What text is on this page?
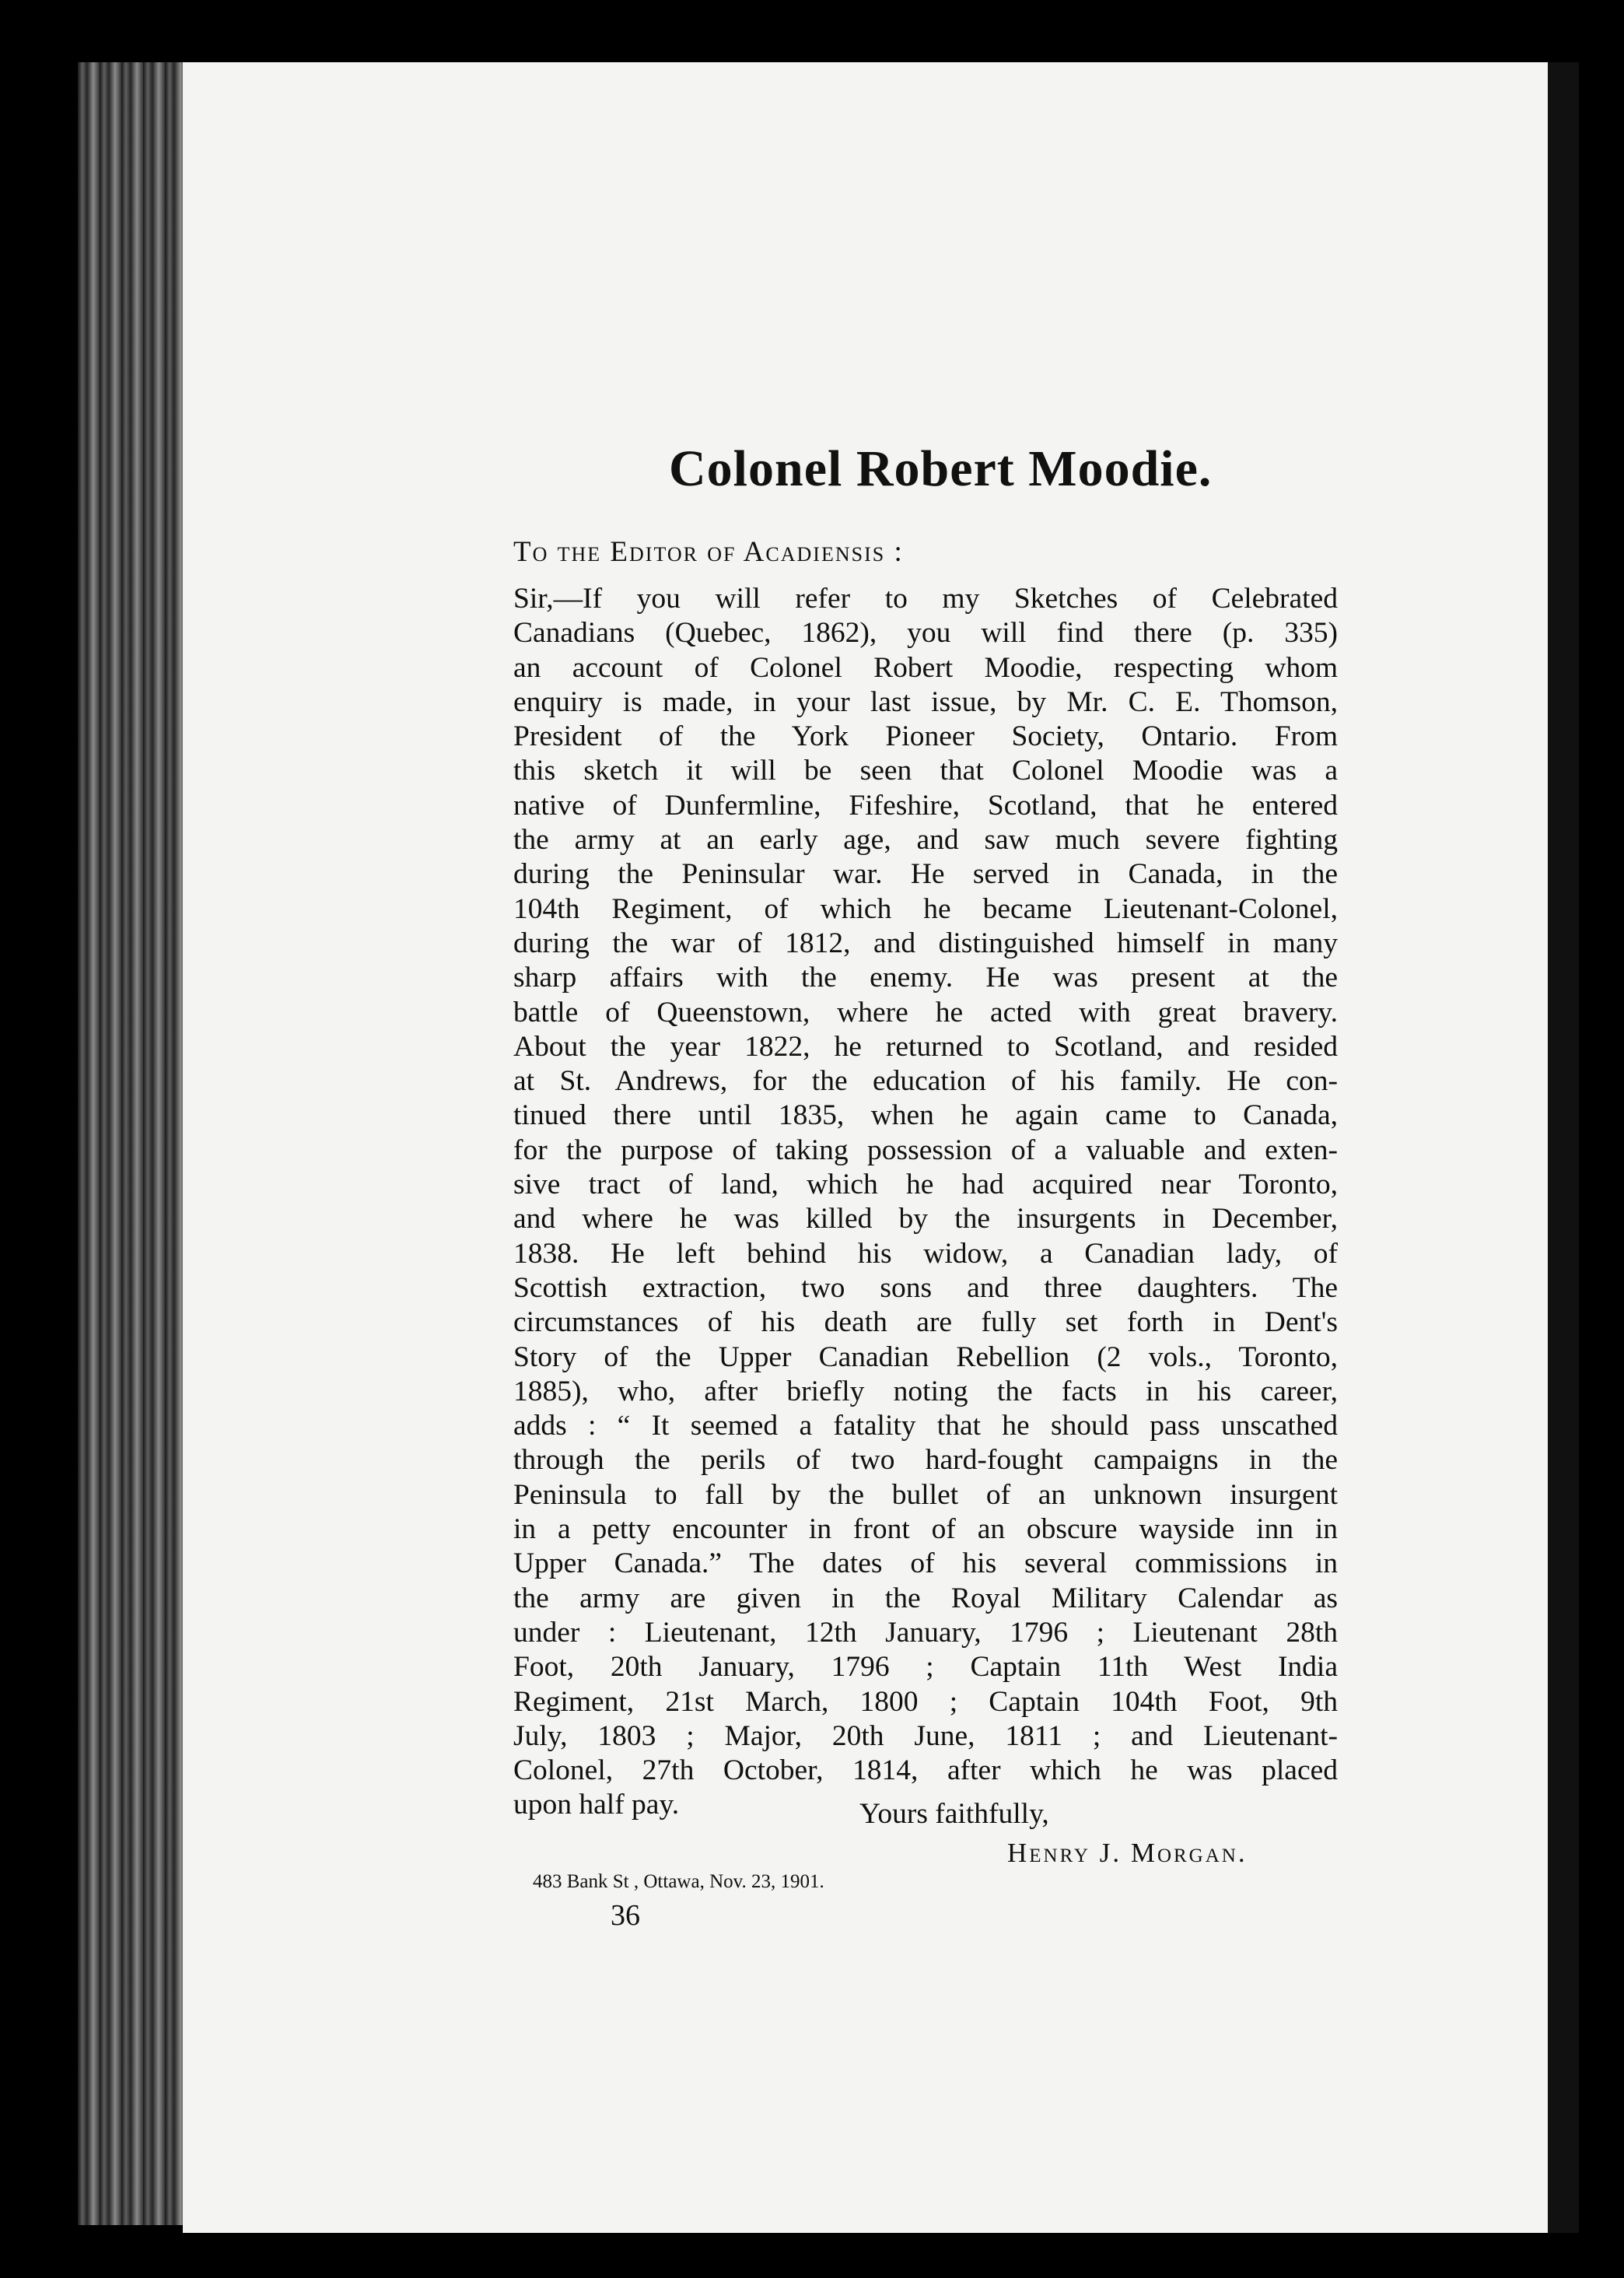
Colonel Robert Moodie.
To the Editor of Acadiensis :
Sir,—If you will refer to my Sketches of Celebrated
Canadians (Quebec, 1862), you will find there (p. 335)
an account of Colonel Robert Moodie, respecting whom
enquiry is made, in your last issue, by Mr. C. E. Thomson,
President of the York Pioneer Society, Ontario. From
this sketch it will be seen that Colonel Moodie was a
native of Dunfermline, Fifeshire, Scotland, that he entered
the army at an early age, and saw much severe fighting
during the Peninsular war. He served in Canada, in the
104th Regiment, of which he became Lieutenant-Colonel,
during the war of 1812, and distinguished himself in many
sharp affairs with the enemy. He was present at the
battle of Queenstown, where he acted with great bravery.
About the year 1822, he returned to Scotland, and resided
at St. Andrews, for the education of his family. He con-
tinued there until 1835, when he again came to Canada,
for the purpose of taking possession of a valuable and exten-
sive tract of land, which he had acquired near Toronto,
and where he was killed by the insurgents in December,
1838. He left behind his widow, a Canadian lady, of
Scottish extraction, two sons and three daughters. The
circumstances of his death are fully set forth in Dent's
Story of the Upper Canadian Rebellion (2 vols., Toronto,
1885), who, after briefly noting the facts in his career,
adds : “ It seemed a fatality that he should pass unscathed
through the perils of two hard-fought campaigns in the
Peninsula to fall by the bullet of an unknown insurgent
in a petty encounter in front of an obscure wayside inn in
Upper Canada.” The dates of his several commissions in
the army are given in the Royal Military Calendar as
under : Lieutenant, 12th January, 1796 ; Lieutenant 28th
Foot, 20th January, 1796 ; Captain 11th West India
Regiment, 21st March, 1800 ; Captain 104th Foot, 9th
July, 1803 ; Major, 20th June, 1811 ; and Lieutenant-
Colonel, 27th October, 1814, after which he was placed
upon half pay.	Yours faithfully,
Henry J. Morgan.
483 Bank St , Ottawa, Nov. 23, 1901.
36
